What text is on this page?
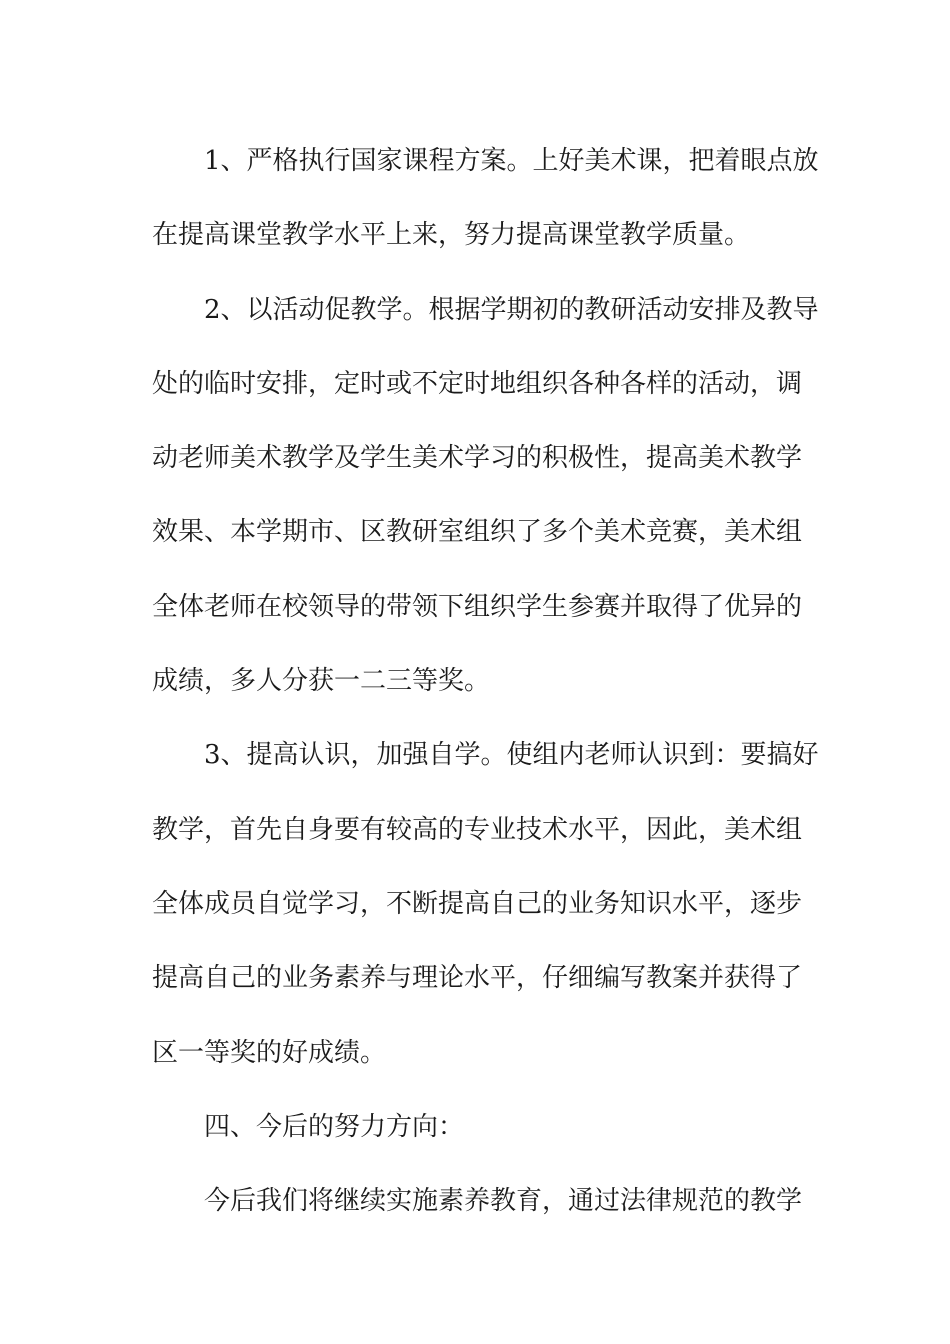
1、严格执行国家课程方案。上好美术课，把着眼点放
在提高课堂教学水平上来，努力提高课堂教学质量。
2、以活动促教学。根据学期初的教研活动安排及教导
处的临时安排，定时或不定时地组织各种各样的活动，调
动老师美术教学及学生美术学习的积极性，提高美术教学
效果、本学期市、区教研室组织了多个美术竞赛，美术组
全体老师在校领导的带领下组织学生参赛并取得了优异的
成绩，多人分获一二三等奖。
3、提高认识，加强自学。使组内老师认识到：要搞好
教学，首先自身要有较高的专业技术水平，因此，美术组
全体成员自觉学习，不断提高自己的业务知识水平，逐步
提高自己的业务素养与理论水平，仔细编写教案并获得了
区一等奖的好成绩。
四、今后的努力方向：
今后我们将继续实施素养教育，通过法律规范的教学
